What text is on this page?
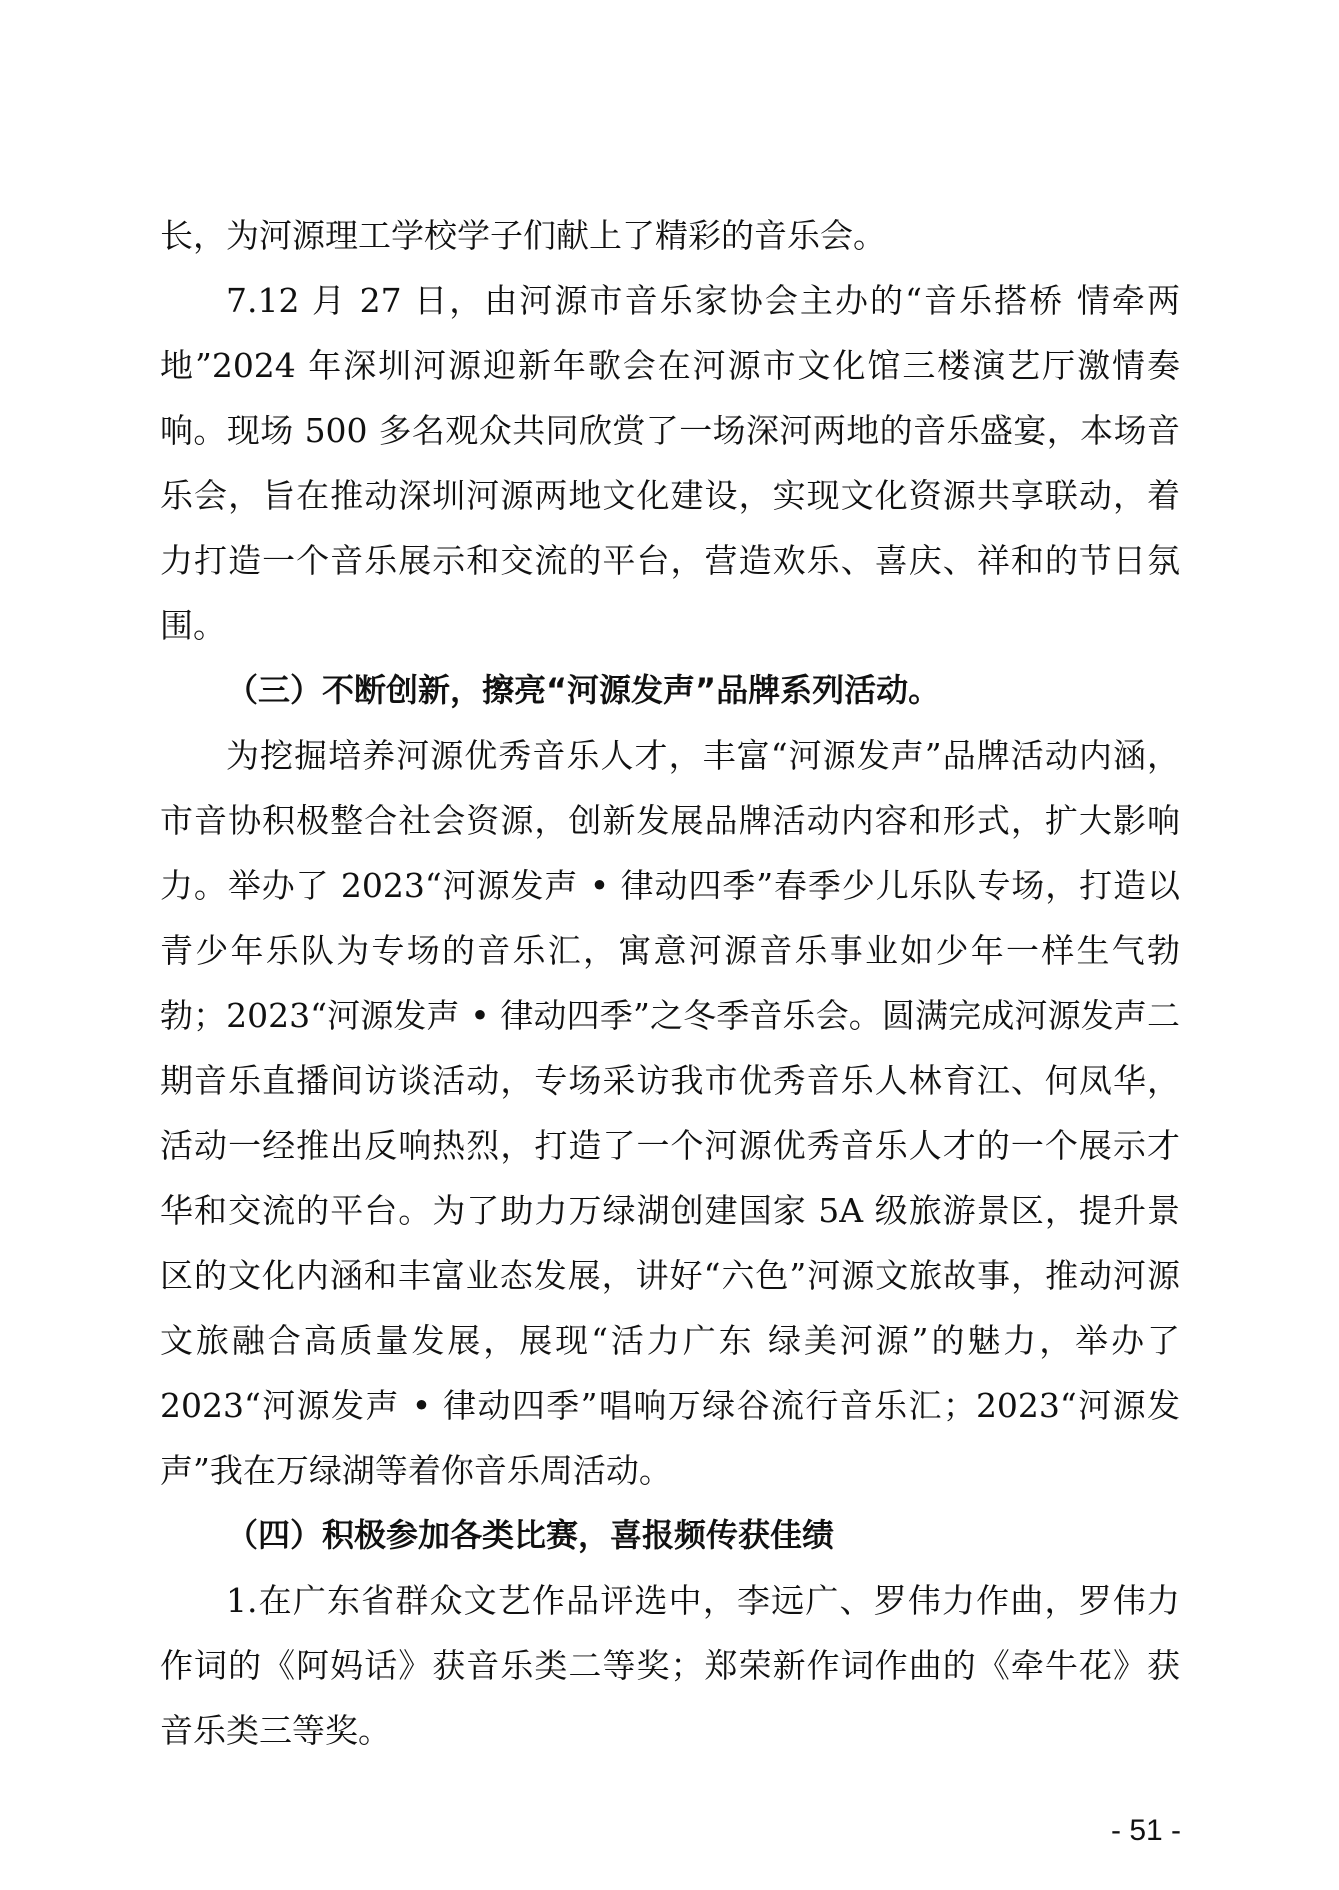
长，为河源理工学校学子们献上了精彩的音乐会。

7.12 月 27 日，由河源市音乐家协会主办的“音乐搭桥 情牵两地”2024 年深圳河源迎新年歌会在河源市文化馆三楼演艺厅激情奏响。现场 500 多名观众共同欣赏了一场深河两地的音乐盛宴，本场音乐会，旨在推动深圳河源两地文化建设，实现文化资源共享联动，着力打造一个音乐展示和交流的平台，营造欢乐、喜庆、祥和的节日氛围。

（三）不断创新，擦亮“河源发声”品牌系列活动。

为挖掘培养河源优秀音乐人才，丰富“河源发声”品牌活动内涵，市音协积极整合社会资源，创新发展品牌活动内容和形式，扩大影响力。举办了 2023“河源发声 • 律动四季”春季少儿乐队专场，打造以青少年乐队为专场的音乐汇，寓意河源音乐事业如少年一样生气勃勃；2023“河源发声 • 律动四季”之冬季音乐会。圆满完成河源发声二期音乐直播间访谈活动，专场采访我市优秀音乐人林育江、何凤华，活动一经推出反响热烈，打造了一个河源优秀音乐人才的一个展示才华和交流的平台。为了助力万绿湖创建国家 5A 级旅游景区，提升景区的文化内涵和丰富业态发展，讲好“六色”河源文旅故事，推动河源文旅融合高质量发展，展现“活力广东 绿美河源”的魅力，举办了 2023“河源发声 • 律动四季”唱响万绿谷流行音乐汇；2023“河源发声”我在万绿湖等着你音乐周活动。

（四）积极参加各类比赛，喜报频传获佳绩

1.在广东省群众文艺作品评选中，李远广、罗伟力作曲，罗伟力作词的《阿妈话》获音乐类二等奖；郑荣新作词作曲的《牵牛花》获音乐类三等奖。

- 51 -
